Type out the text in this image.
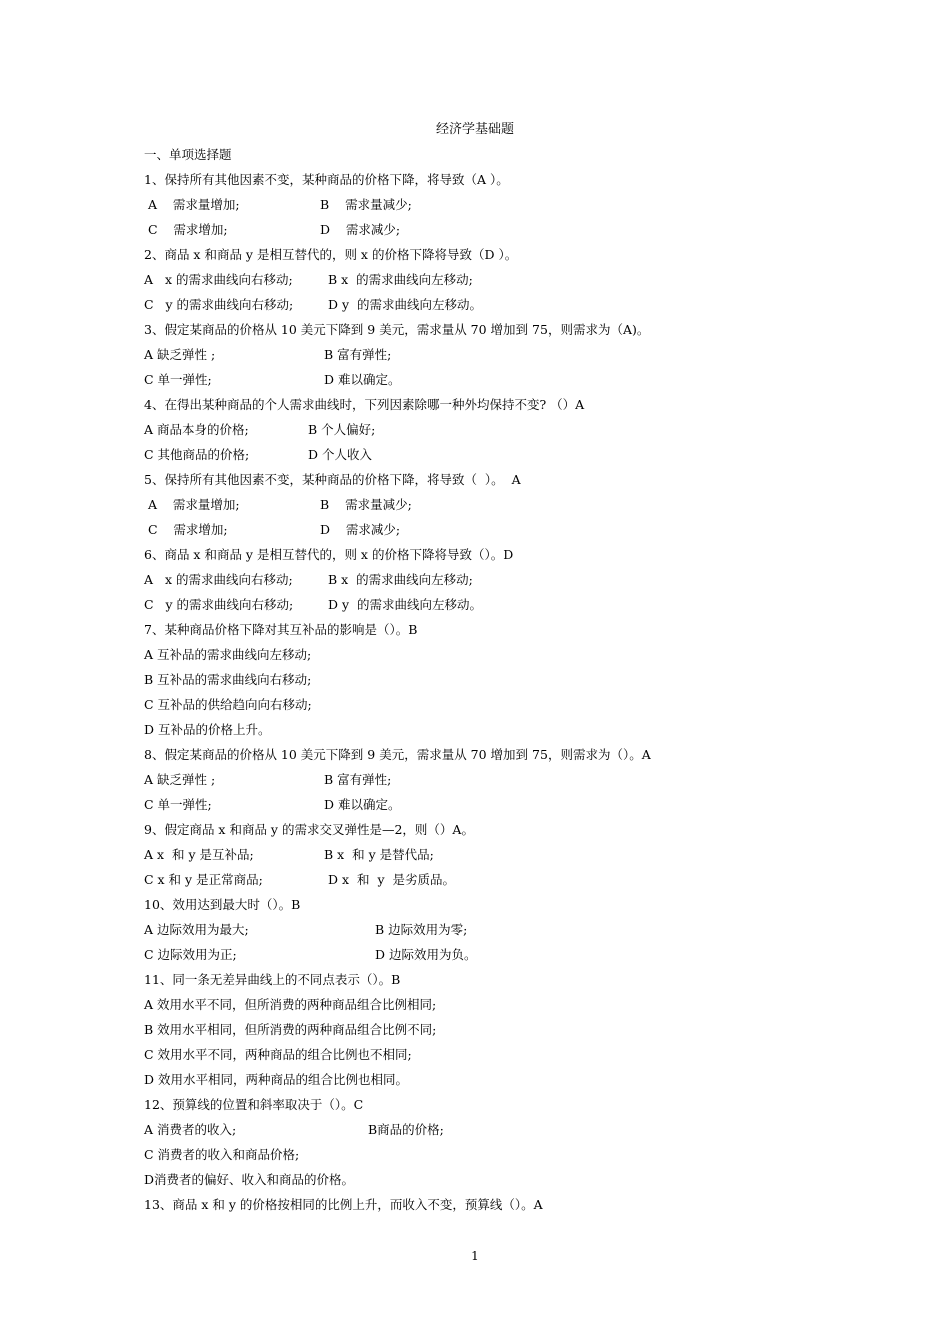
经济学基础题
一、单项选择题
1、保持所有其他因素不变，某种商品的价格下降，将导致（A ）。
A    需求量增加;	B    需求量减少;
C    需求增加;	D    需求减少;
2、商品 x 和商品 y 是相互替代的，则 x 的价格下降将导致（D ）。
A   x 的需求曲线向右移动;	B x  的需求曲线向左移动;
C   y 的需求曲线向右移动;	D y  的需求曲线向左移动。
3、假定某商品的价格从 10 美元下降到 9 美元，需求量从 70 增加到 75，则需求为（A)。
A 缺乏弹性 ;	B 富有弹性;
C 单一弹性;	D 难以确定。
4、在得出某种商品的个人需求曲线时，下列因素除哪一种外均保持不变? （）A
A 商品本身的价格;	B 个人偏好;
C 其他商品的价格;	D 个人收入
5、保持所有其他因素不变，某种商品的价格下降，将导致（  ）。  A
A    需求量增加;	B    需求量减少;
C    需求增加;	D    需求减少;
6、商品 x 和商品 y 是相互替代的，则 x 的价格下降将导致（）。D
A   x 的需求曲线向右移动;	B x  的需求曲线向左移动;
C   y 的需求曲线向右移动;	D y  的需求曲线向左移动。
7、某种商品价格下降对其互补品的影响是（）。B
A 互补品的需求曲线向左移动;
B 互补品的需求曲线向右移动;
C 互补品的供给趋向向右移动;
D 互补品的价格上升。
8、假定某商品的价格从 10 美元下降到 9 美元，需求量从 70 增加到 75，则需求为（）。A
A 缺乏弹性 ;	B 富有弹性;
C 单一弹性;	D 难以确定。
9、假定商品 x 和商品 y 的需求交叉弹性是—2，则（）A。
A x  和 y 是互补品;	B x  和 y 是替代品;
C x 和 y 是正常商品;	D x  和  y  是劣质品。
10、效用达到最大时（）。B
A 边际效用为最大;	B 边际效用为零;
C 边际效用为正;	D 边际效用为负。
11、同一条无差异曲线上的不同点表示（）。B
A 效用水平不同，但所消费的两种商品组合比例相同;
B 效用水平相同，但所消费的两种商品组合比例不同;
C 效用水平不同，两种商品的组合比例也不相同;
D 效用水平相同，两种商品的组合比例也相同。
12、预算线的位置和斜率取决于（）。C
A 消费者的收入;	B商品的价格;
C 消费者的收入和商品价格;
D消费者的偏好、收入和商品的价格。
13、商品 x 和 y 的价格按相同的比例上升，而收入不变，预算线（）。A
1
